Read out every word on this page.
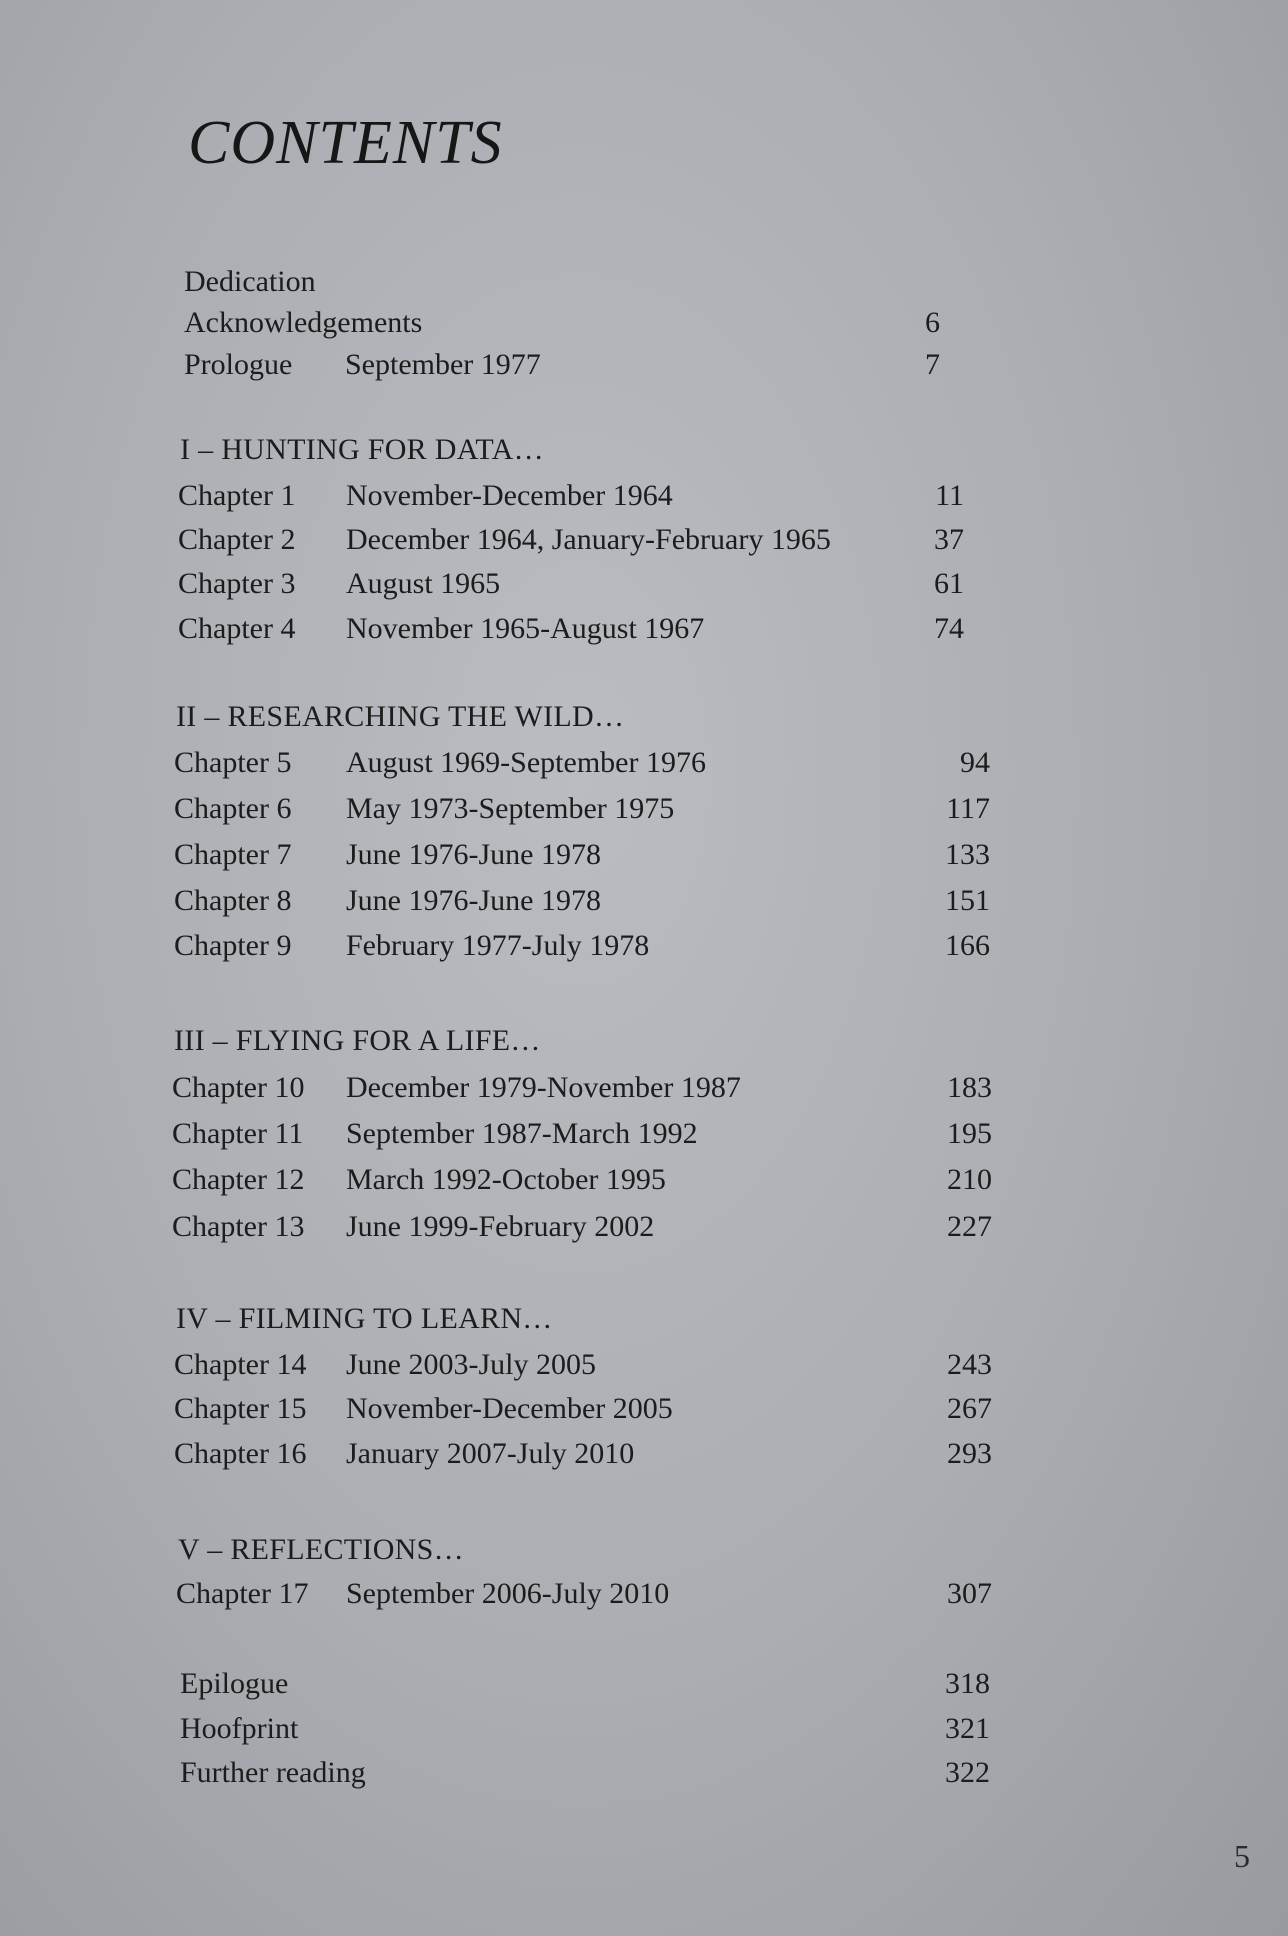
CONTENTS
Dedication
Acknowledgements	6
Prologue September 1977	7
I – HUNTING FOR DATA…
Chapter 1 November-December 1964	11
Chapter 2 December 1964, January-February 1965	37
Chapter 3 August 1965	61
Chapter 4 November 1965-August 1967	74
II – RESEARCHING THE WILD…
Chapter 5 August 1969-September 1976	94
Chapter 6 May 1973-September 1975	117
Chapter 7 June 1976-June 1978	133
Chapter 8 June 1976-June 1978	151
Chapter 9 February 1977-July 1978	166
III – FLYING FOR A LIFE…
Chapter 10 December 1979-November 1987	183
Chapter 11 September 1987-March 1992	195
Chapter 12 March 1992-October 1995	210
Chapter 13 June 1999-February 2002	227
IV – FILMING TO LEARN…
Chapter 14 June 2003-July 2005	243
Chapter 15 November-December 2005	267
Chapter 16 January 2007-July 2010	293
V – REFLECTIONS…
Chapter 17 September 2006-July 2010	307
Epilogue	318
Hoofprint	321
Further reading	322
5
